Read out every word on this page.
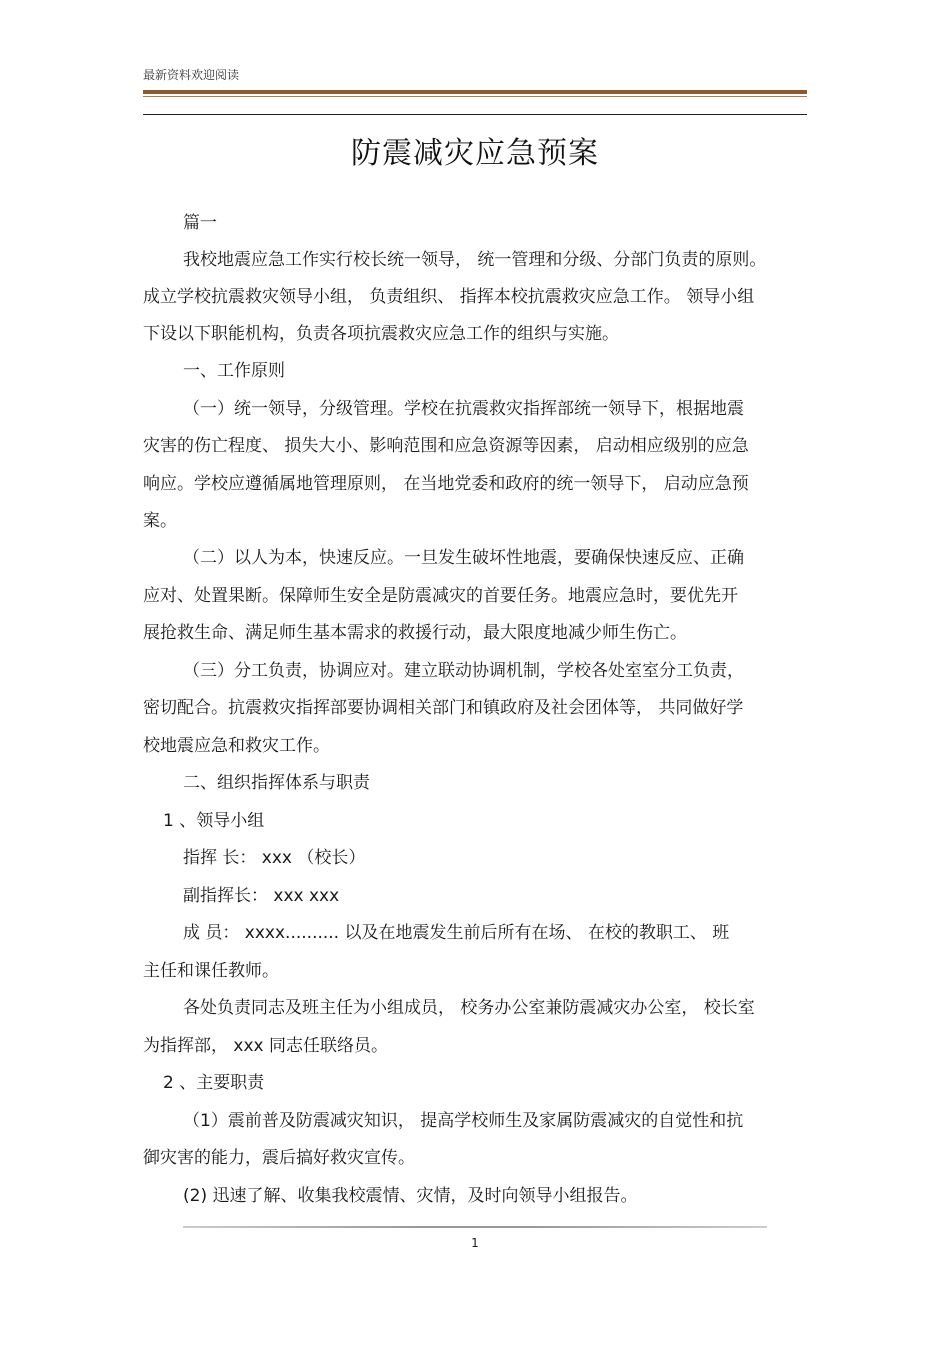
最新资料欢迎阅读
防震减灾应急预案
篇一
我校地震应急工作实行校长统一领导， 统一管理和分级、分部门负责的原则。
成立学校抗震救灾领导小组， 负责组织、 指挥本校抗震救灾应急工作。 领导小组
下设以下职能机构，负责各项抗震救灾应急工作的组织与实施。
一、工作原则
（一）统一领导，分级管理。学校在抗震救灾指挥部统一领导下，根据地震
灾害的伤亡程度、 损失大小、影响范围和应急资源等因素， 启动相应级别的应急
响应。学校应遵循属地管理原则， 在当地党委和政府的统一领导下， 启动应急预
案。
（二）以人为本，快速反应。一旦发生破坏性地震，要确保快速反应、正确
应对、处置果断。保障师生安全是防震减灾的首要任务。地震应急时，要优先开
展抢救生命、满足师生基本需求的救援行动，最大限度地减少师生伤亡。
（三）分工负责，协调应对。建立联动协调机制，学校各处室室分工负责，
密切配合。抗震救灾指挥部要协调相关部门和镇政府及社会团体等， 共同做好学
校地震应急和救灾工作。
二、组织指挥体系与职责
1 、领导小组
指挥 长： xxx （校长）
副指挥长： xxx xxx
成 员： xxxx.......... 以及在地震发生前后所有在场、 在校的教职工、 班
主任和课任教师。
各处负责同志及班主任为小组成员， 校务办公室兼防震减灾办公室， 校长室
为指挥部， xxx 同志任联络员。
2 、主要职责
（1）震前普及防震减灾知识， 提高学校师生及家属防震减灾的自觉性和抗
御灾害的能力，震后搞好救灾宣传。
(2) 迅速了解、收集我校震情、灾情，及时向领导小组报告。
1
